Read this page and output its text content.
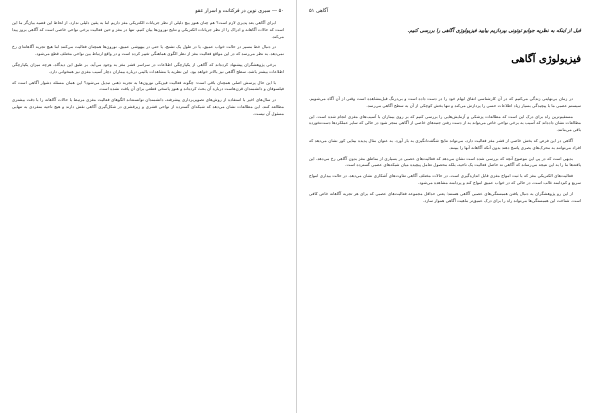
۵۰ ― سیری نوین در فرکتانت و اسرار عقو

ابرای آگاهی بعد پدیری لازم است؟ هم چنان هنوز بیچ دلیلی از نظر جریانات الکتریکی مغز داریم اما به یقین دلیلی ندارد. از لحاظ این قضیه بیان‌گر ما این است که حالات آگاهانه و ادراک را از نظر جریانات الکتریکی و نتایج نورون‌ها بیان کنیم. تنها در مغز و حین فعالیت برخی نواحی خاصی است که آگاهی بروز پیدا می‌کند.

در دنبال خط مسیر در حالت خواب عمیق، یا در طول یک تشنج، یا حتی در بیهوشی عمیق، نورون‌ها همچنان فعالیت می‌کنند اما هیچ تجربه آگاهانه‌ای رخ نمی‌دهد. به نظر می‌رسد که در این مواقع فعالیت مغز از نظر الگوی هماهنگی تغییر کرده است و در واقع ارتباط بین نواحی مختلف قطع می‌شود.

برخی پژوهشگران پیشنهاد کرده‌اند که آگاهی از یکپارچگی اطلاعات در سراسر قشر مغز به وجود می‌آید. بر طبق این دیدگاه، هرچه میزان یکپارچگی اطلاعات بیشتر باشد، سطح آگاهی نیز بالاتر خواهد بود. این نظریه با مشاهدات بالینی درباره بیماران دچار آسیب مغزی نیز همخوانی دارد.

با این حال پرسش اصلی همچنان باقی است: چگونه فعالیت فیزیکی نورون‌ها به تجربه ذهنی تبدیل می‌شود؟ این همان مسئله دشوار آگاهی است که فیلسوفان و دانشمندان قرن‌هاست درباره آن بحث کرده‌اند و هنوز پاسخی قطعی برای آن یافت نشده است.

در سال‌های اخیر با استفاده از روش‌های تصویربرداری پیشرفته، دانشمندان توانسته‌اند الگوهای فعالیت مغزی مرتبط با حالات آگاهانه را با دقت بیشتری مطالعه کنند. این مطالعات نشان می‌دهد که شبکه‌ای گسترده از نواحی قشری و زیرقشری در شکل‌گیری آگاهی نقش دارند و هیچ ناحیه منفردی به تنهایی مسئول آن نیست.

آگاهی ۵۱
قبل از اینکه به نظریه جوابو توتونی بپردازیم بیایید فیزیولوژی آگاهی را بررسی کنیم.
فیزیولوژی آگاهی

در زمان بی‌نهایتی زندگی می‌کنیم که در آن کارشناسی اتفاق ابهام خود را در دست داده است و بی‌درنگ قبل‌مشاهده است وقتی از آن آگاه می‌شویم. سیستم عصبی ما با پیچیدگی بسیار زیاد اطلاعات حسی را پردازش می‌کند و تنها بخش کوچکی از آن به سطح آگاهی می‌رسد.

مستقیم‌ترین راه برای درک این است که مطالعات پزشکی و آزمایش‌هایی را بررسی کنیم که بر روی بیماران با آسیب‌های مغزی انجام شده است. این مطالعات نشان داده‌اند که آسیب به برخی نواحی خاص می‌تواند به از دست رفتن جنبه‌های خاصی از آگاهی منجر شود در حالی که سایر عملکردها دست‌نخورده باقی می‌مانند.

آگاهی در این فرض که بخش خاصی از قشر مغز فعالیت دارد، می‌تواند نتایج شگفت‌انگیزی به بار آورد. به عنوان مثال پدیده بینایی کور نشان می‌دهد که افراد می‌توانند به محرک‌های بصری پاسخ دهند بدون آنکه آگاهانه آنها را ببینند.

بدیهی است که در پی این موضوع آنچه که بررسی شده است نشان می‌دهد که فعالیت‌های عصبی در بسیاری از مناطق مغز بدون آگاهی رخ می‌دهد. این یافته‌ها ما را به این نتیجه می‌رساند که آگاهی نه حاصل فعالیت یک ناحیه، بلکه محصول تعامل پیچیده میان شبکه‌های عصبی گسترده است.

فعالیت‌های الکتریکی مغز که با ثبت امواج مغزی قابل اندازه‌گیری است، در حالات مختلف آگاهی تفاوت‌های آشکاری نشان می‌دهد. در حالت بیداری امواج سریع و کم‌دامنه غالب است، در حالی که در خواب عمیق امواج کند و پردامنه مشاهده می‌شود.

از این رو پژوهشگران به دنبال یافتن همبستگی‌های عصبی آگاهی هستند؛ یعنی حداقل مجموعه فعالیت‌های عصبی که برای هر تجربه آگاهانه خاص کافی است. شناخت این همبستگی‌ها می‌تواند راه را برای درک عمیق‌تر ماهیت آگاهی هموار سازد.
